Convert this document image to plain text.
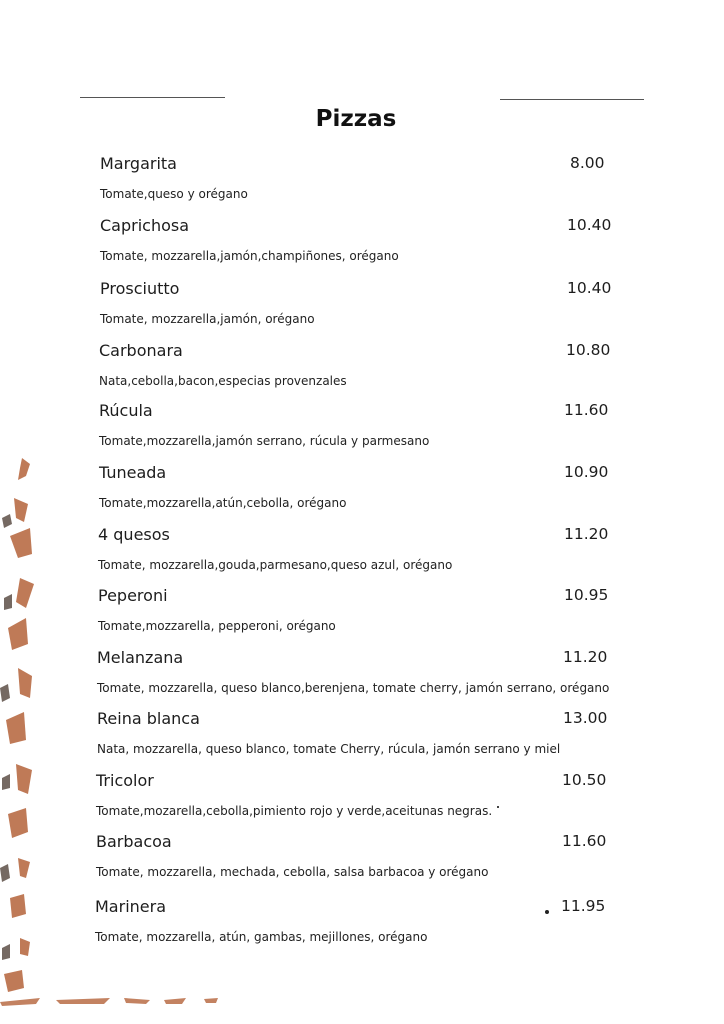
Pizzas
Margarita	8.00
Tomate,queso y orégano
Caprichosa	10.40
Tomate, mozzarella,jamón,champiñones, orégano
Prosciutto	10.40
Tomate, mozzarella,jamón, orégano
Carbonara	10.80
Nata,cebolla,bacon,especias provenzales
Rúcula	11.60
Tomate,mozzarella,jamón serrano, rúcula y parmesano
Tuneada	10.90
Tomate,mozzarella,atún,cebolla, orégano
4 quesos	11.20
Tomate, mozzarella,gouda,parmesano,queso azul, orégano
Peperoni	10.95
Tomate,mozzarella, pepperoni, orégano
Melanzana	11.20
Tomate, mozzarella, queso blanco,berenjena, tomate cherry, jamón serrano, orégano
Reina blanca	13.00
Nata, mozzarella, queso blanco, tomate Cherry, rúcula, jamón serrano y miel
Tricolor	10.50
Tomate,mozarella,cebolla,pimiento rojo y verde,aceitunas negras.
Barbacoa	11.60
Tomate, mozzarella, mechada, cebolla, salsa barbacoa y orégano
Marinera	11.95
Tomate, mozzarella, atún, gambas, mejillones, orégano
